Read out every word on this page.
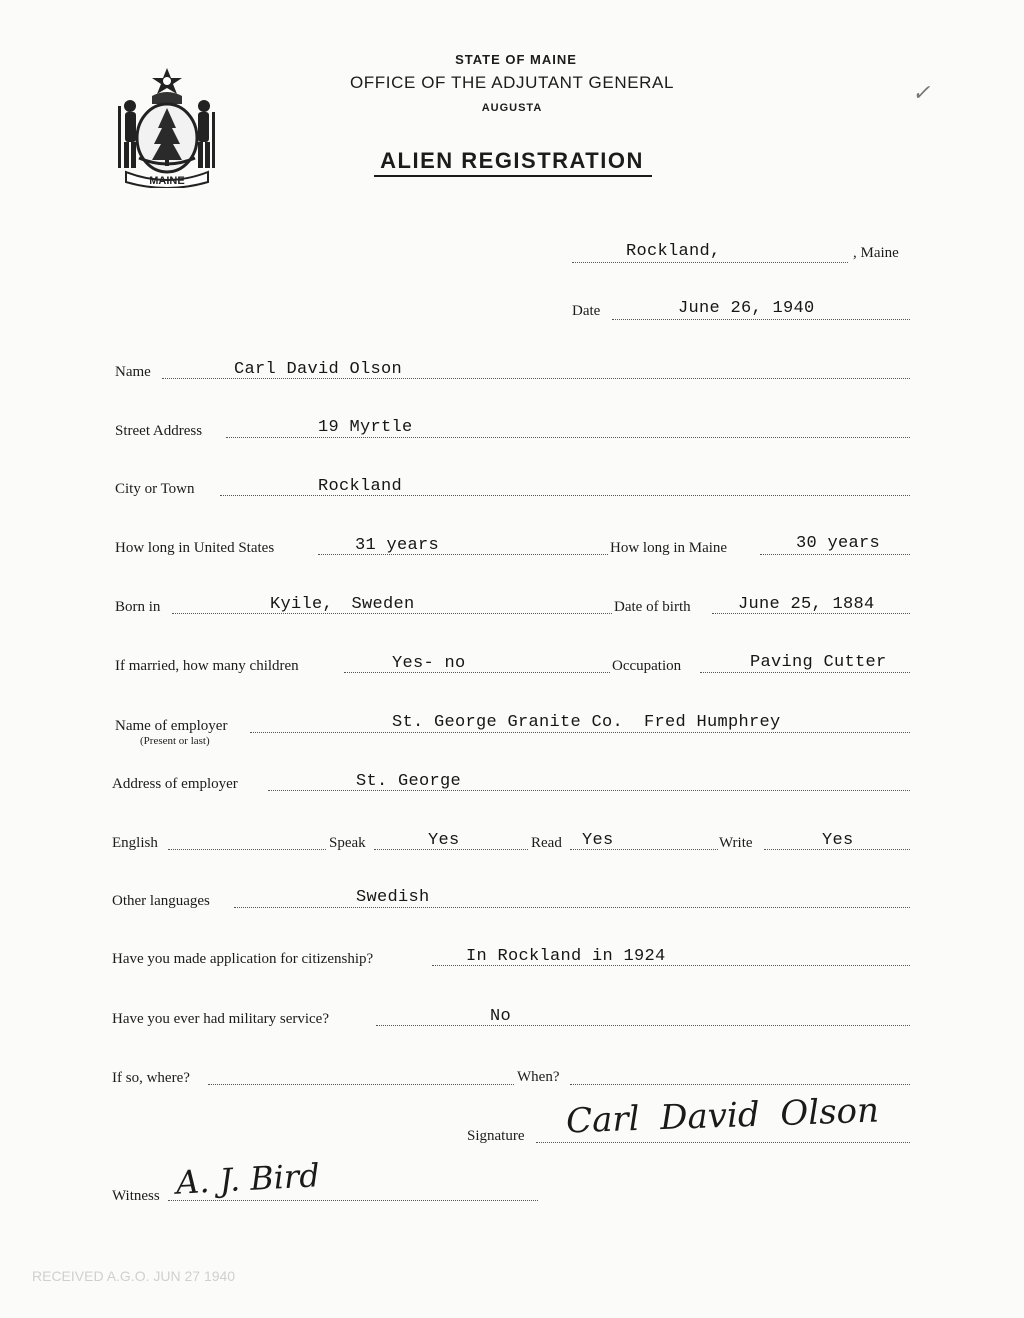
MAINE
STATE OF MAINE
OFFICE OF THE ADJUTANT GENERAL
AUGUSTA
ALIEN REGISTRATION
✓
Rockland,	, Maine
Date	June 26, 1940
Name	Carl David Olson
Street Address	19 Myrtle
City or Town	Rockland
How long in United States	31 years	How long in Maine	30 years
Born in	Kyile, Sweden	Date of birth	June 25, 1884
If married, how many children	Yes- no	Occupation	Paving Cutter
Name of employer
(Present or last)
St. George Granite Co.  Fred Humphrey
Address of employer	St. George
English	Speak	Yes	Read Yes	Write	Yes
Other languages	Swedish
Have you made application for citizenship?	In Rockland in 1924
Have you ever had military service?	No
If so, where?	When?
Signature Carl David Olson
Witness A. J. Bird
RECEIVED A.G.O. JUN 27 1940
